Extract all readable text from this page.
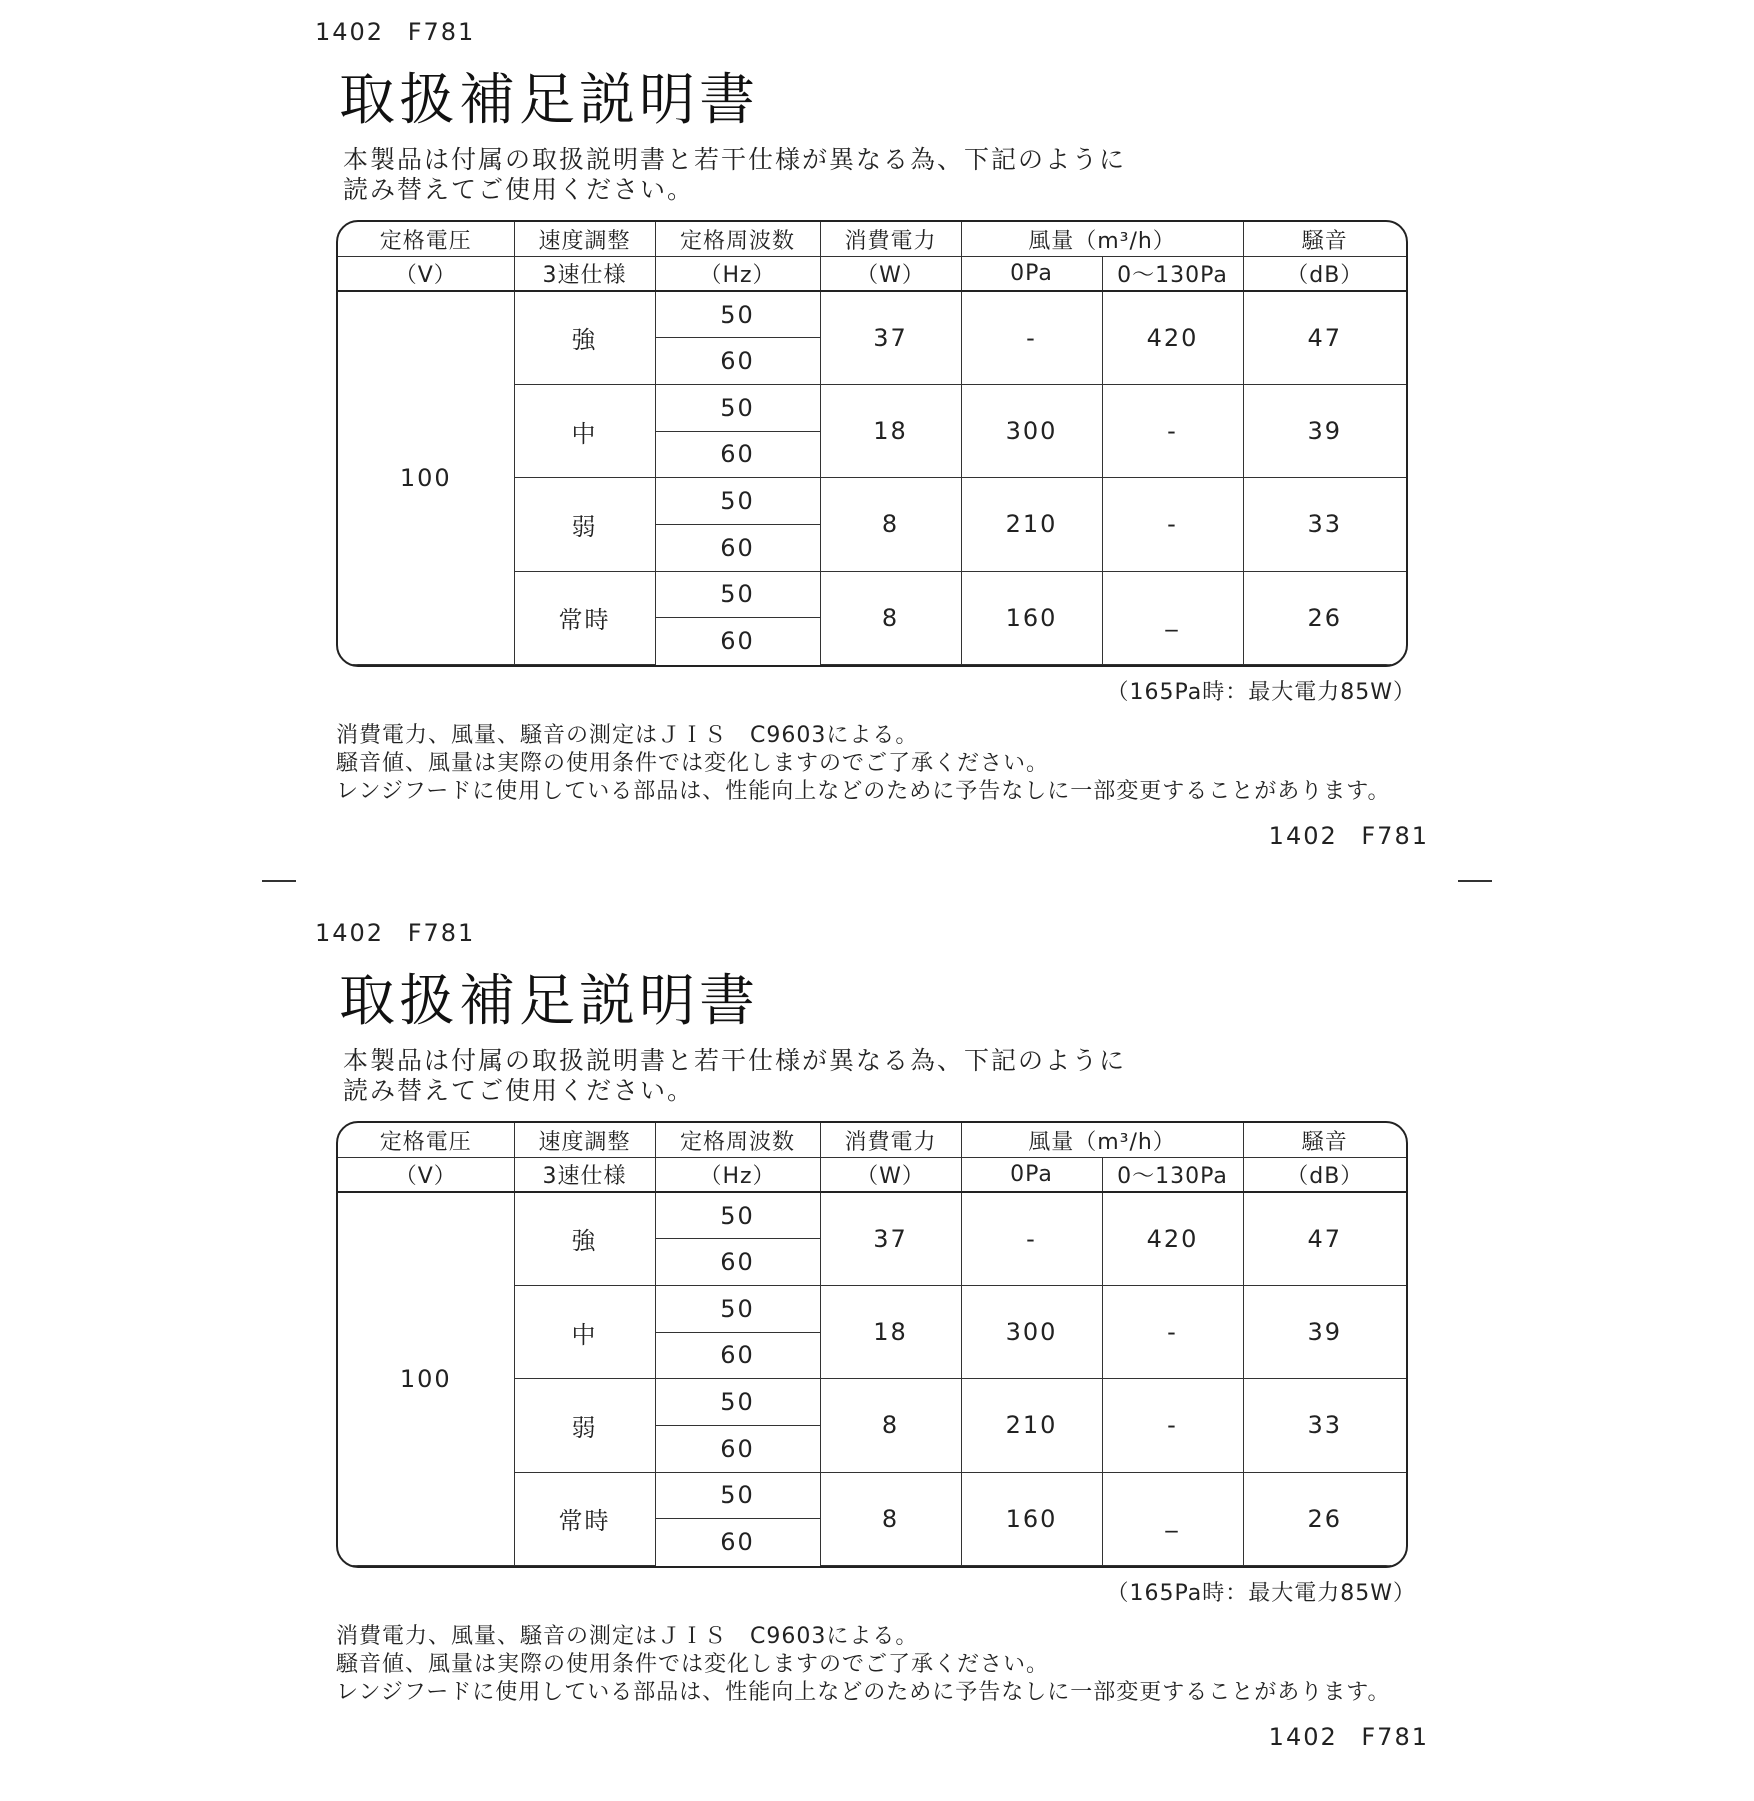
1402 F781
取扱補足説明書
本製品は付属の取扱説明書と若干仕様が異なる為、下記のように
読み替えてご使用ください。
定格電圧	速度調整	定格周波数	消費電力	風量（m³/h）		騒音
（V）	3速仕様	（Hz）	（W）	0Pa	0～130Pa	（dB）
100	強	50	37	-	420	47
		60				
	中	50	18	300	-	39
		60				
	弱	50	8	210	-	33
		60				
	常時	50	8	160	_	26
		60				
（165Pa時：最大電力85W）
消費電力、風量、騒音の測定はＪＩＳ　C9603による。
騒音値、風量は実際の使用条件では変化しますのでご了承ください。
レンジフードに使用している部品は、性能向上などのために予告なしに一部変更することがあります。
1402 F781
1402 F781
取扱補足説明書
本製品は付属の取扱説明書と若干仕様が異なる為、下記のように
読み替えてご使用ください。
定格電圧	速度調整	定格周波数	消費電力	風量（m³/h）		騒音
（V）	3速仕様	（Hz）	（W）	0Pa	0～130Pa	（dB）
100	強	50	37	-	420	47
		60				
	中	50	18	300	-	39
		60				
	弱	50	8	210	-	33
		60				
	常時	50	8	160	_	26
		60				
（165Pa時：最大電力85W）
消費電力、風量、騒音の測定はＪＩＳ　C9603による。
騒音値、風量は実際の使用条件では変化しますのでご了承ください。
レンジフードに使用している部品は、性能向上などのために予告なしに一部変更することがあります。
1402 F781
